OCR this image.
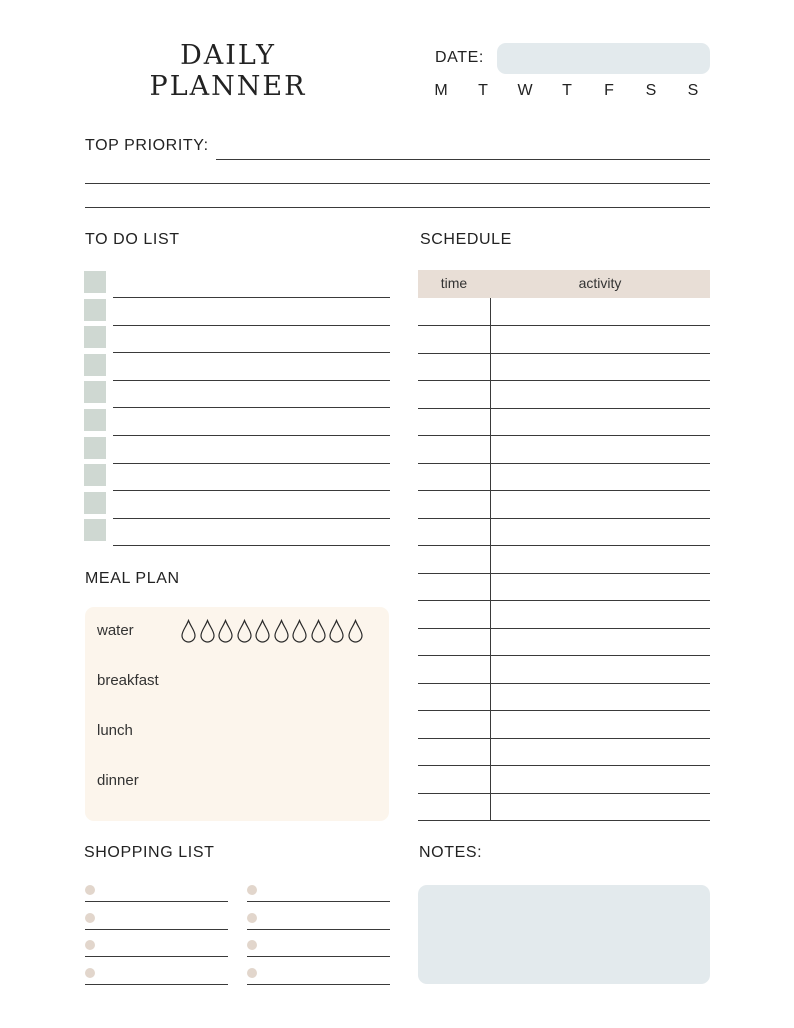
DAILY
PLANNER
DATE:
M T W T F S S
TOP PRIORITY:
TO DO LIST	SCHEDULE
time	activity
MEAL PLAN
water
breakfast
lunch
dinner
SHOPPING LIST	NOTES:
